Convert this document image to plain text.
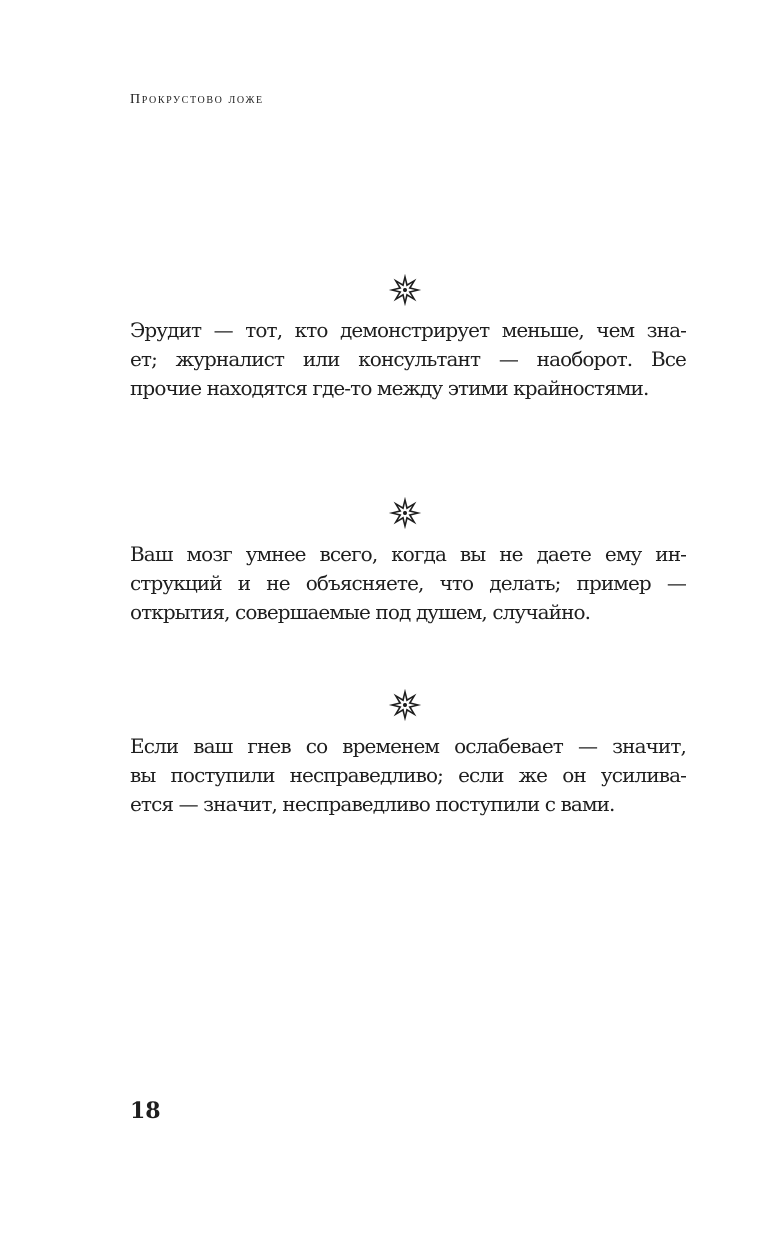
Прокрустово ложе

Эрудит — тот, кто демонстрирует меньше, чем зна-
ет; журналист или консультант — наоборот. Все
прочие находятся где-то между этими крайностями.

Ваш мозг умнее всего, когда вы не даете ему ин-
струкций и не объясняете, что делать; пример —
открытия, совершаемые под душем, случайно.

Если ваш гнев со временем ослабевает — значит,
вы поступили несправедливо; если же он усилива-
ется — значит, несправедливо поступили с вами.

18
